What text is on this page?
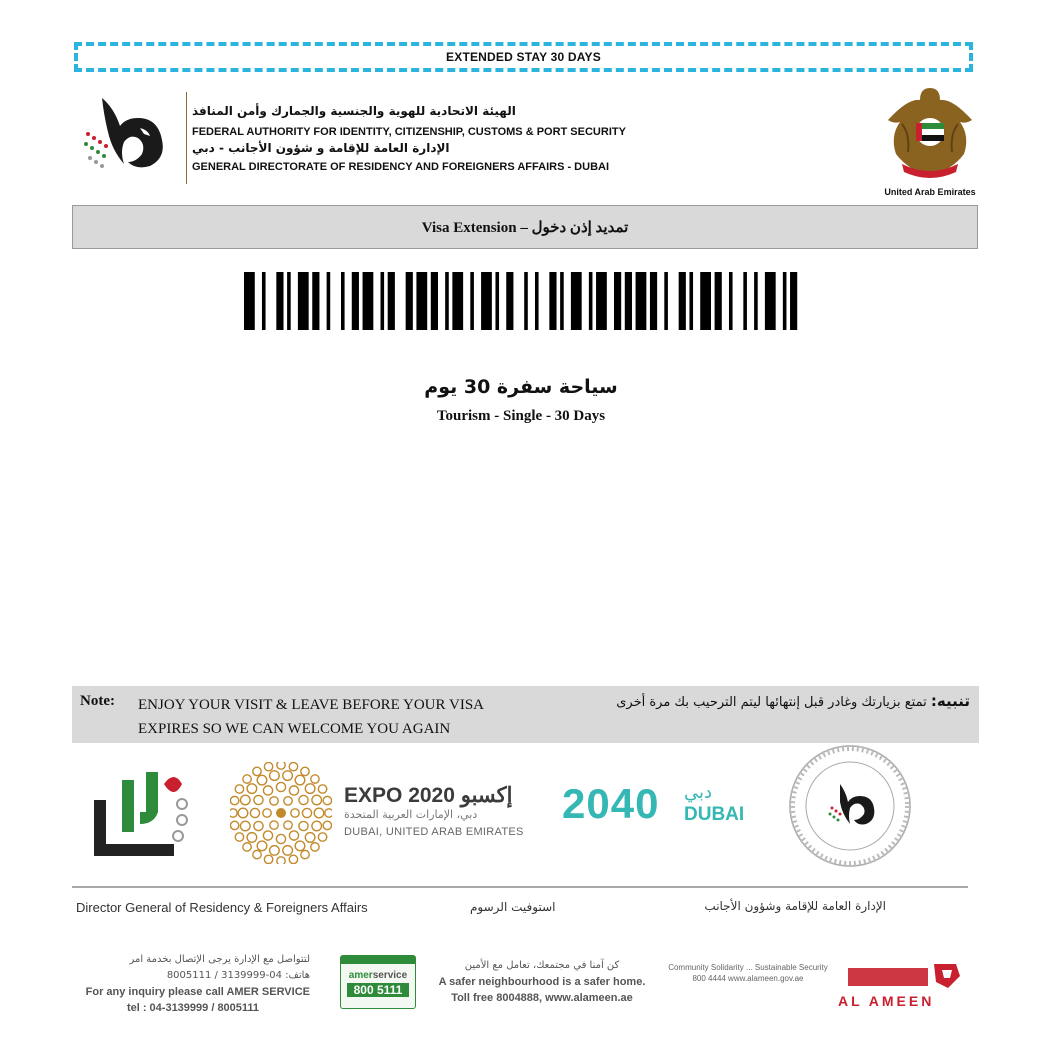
EXTENDED STAY 30 DAYS
الهيئة الاتحادية للهوية والجنسية والجمارك وأمن المنافذ
FEDERAL AUTHORITY FOR IDENTITY, CITIZENSHIP, CUSTOMS & PORT SECURITY
الإدارة العامة للإقامة و شؤون الأجانب - دبي
GENERAL DIRECTORATE OF RESIDENCY AND FOREIGNERS AFFAIRS - DUBAI
United Arab Emirates
Visa Extension – تمديد إذن دخول
سياحة سفرة 30 يوم
Tourism - Single - 30 Days
Note: ENJOY YOUR VISIT & LEAVE BEFORE YOUR VISA EXPIRES SO WE CAN WELCOME YOU AGAIN
تنبيه: تمتع بزيارتك وغادر قبل إنتهائها ليتم الترحيب بك مرة أخرى
EXPO 2020 إكسبو
دبي، الإمارات العربية المتحدة
DUBAI, UNITED ARAB EMIRATES
2040 دبي
DUBAI
Director General of Residency & Foreigners Affairs	استوفيت الرسوم	الإدارة العامة للإقامة وشؤون الأجانب
لتتواصل مع الإدارة يرجى الإتصال بخدمة امر
هاتف: 04-3139999 / 8005111
For any inquiry please call AMER SERVICE
tel : 04-3139999 / 8005111
amerservice
800 5111
كن آمنا في مجتمعك، تعامل مع الأمين
A safer neighbourhood is a safer home.
Toll free 8004888, www.alameen.ae
Community Solidarity ... Sustainable Security
800 4444 www.alameen.gov.ae
AL AMEEN
